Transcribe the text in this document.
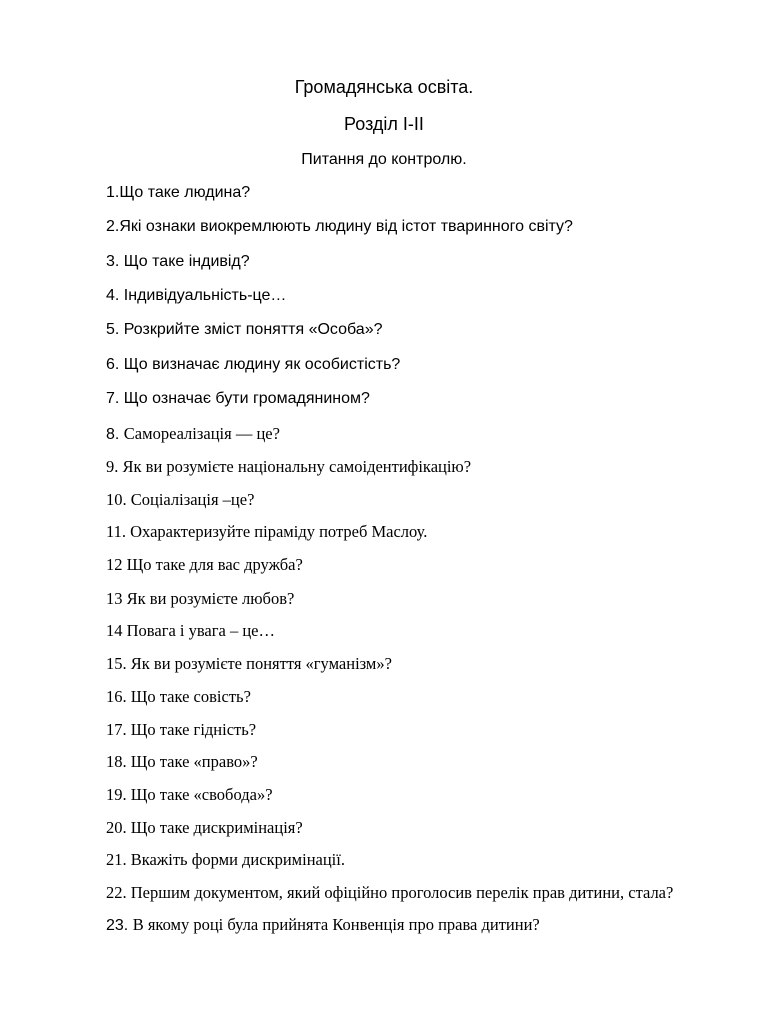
Громадянська освіта.
Розділ І-ІІ
Питання до контролю.
1.Що таке людина?
2.Які ознаки виокремлюють людину від істот тваринного світу?
3. Що таке індивід?
4. Індивідуальність-це…
5. Розкрийте зміст поняття «Особа»?
6. Що визначає людину як особистість?
7. Що означає бути громадянином?
8. Самореалізація — це?
9. Як ви розумієте національну самоідентифікацію?
10. Соціалізація –це?
11. Охарактеризуйте піраміду потреб Маслоу.
12 Що таке для вас дружба?
13 Як ви розумієте любов?
14 Повага і увага – це…
15. Як ви розумієте поняття «гуманізм»?
16. Що таке совість?
17. Що таке гідність?
18. Що таке «право»?
19. Що таке «свобода»?
20. Що таке дискримінація?
21. Вкажіть форми дискримінації.
22. Першим документом, який офіційно проголосив перелік прав дитини, стала?
23. В якому році була прийнята Конвенція про права дитини?
